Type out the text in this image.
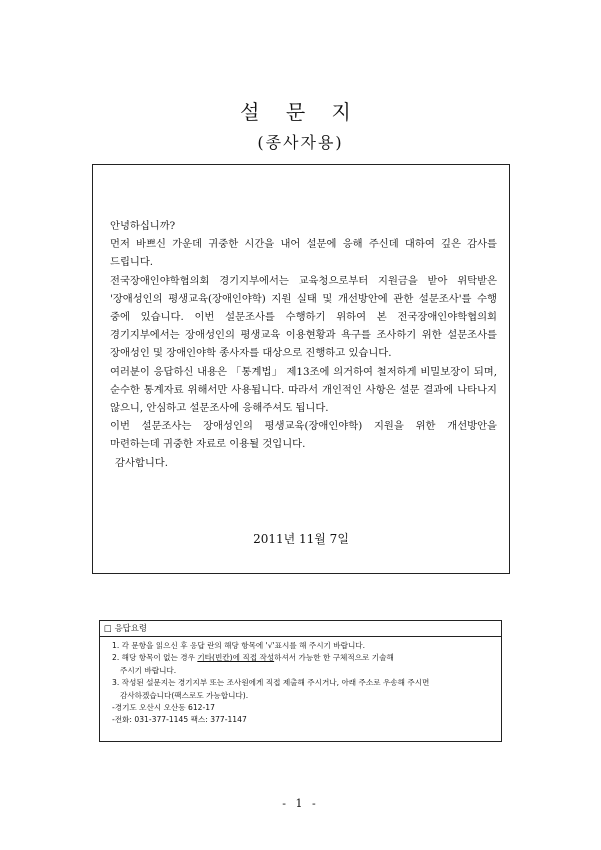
설 문 지
(종사자용)

안녕하십니까?

먼저 바쁘신 가운데 귀중한 시간을 내어 설문에 응해 주신데 대하여 깊은 감사를 드립니다.

전국장애인야학협의회 경기지부에서는 교육청으로부터 지원금을 받아 위탁받은 '장애성인의 평생교육(장애인야학) 지원 실태 및 개선방안에 관한 설문조사'를 수행 중에 있습니다. 이번 설문조사를 수행하기 위하여 본 전국장애인야학협의회 경기지부에서는 장애성인의 평생교육 이용현황과 욕구를 조사하기 위한 설문조사를 장애성인 및 장애인야학 종사자를 대상으로 진행하고 있습니다.

여러분이 응답하신 내용은 「통계법」 제13조에 의거하여 철저하게 비밀보장이 되며, 순수한 통계자료 위해서만 사용됩니다. 따라서 개인적인 사항은 설문 결과에 나타나지 않으니, 안심하고 설문조사에 응해주셔도 됩니다.

이번 설문조사는 장애성인의 평생교육(장애인야학) 지원을 위한 개선방안을 마련하는데 귀중한 자료로 이용될 것입니다.

감사합니다.

2011년 11월 7일
□ 응답요령
1. 각 문항을 읽으신 후 응답 란의 해당 항목에 '√'표시를 해 주시기 바랍니다.
2. 해당 항목이 없는 경우 기타(빈칸)에 직접 작성하셔서 가능한 한 구체적으로 기술해
주시기 바랍니다.
3. 작성된 설문지는 경기지부 또는 조사원에게 직접 제출해 주시거나, 아래 주소로 우송해 주시면
감사하겠습니다(팩스로도 가능합니다).
-경기도 오산시 오산동 612-17
-전화: 031-377-1145 팩스: 377-1147
- 1 -
